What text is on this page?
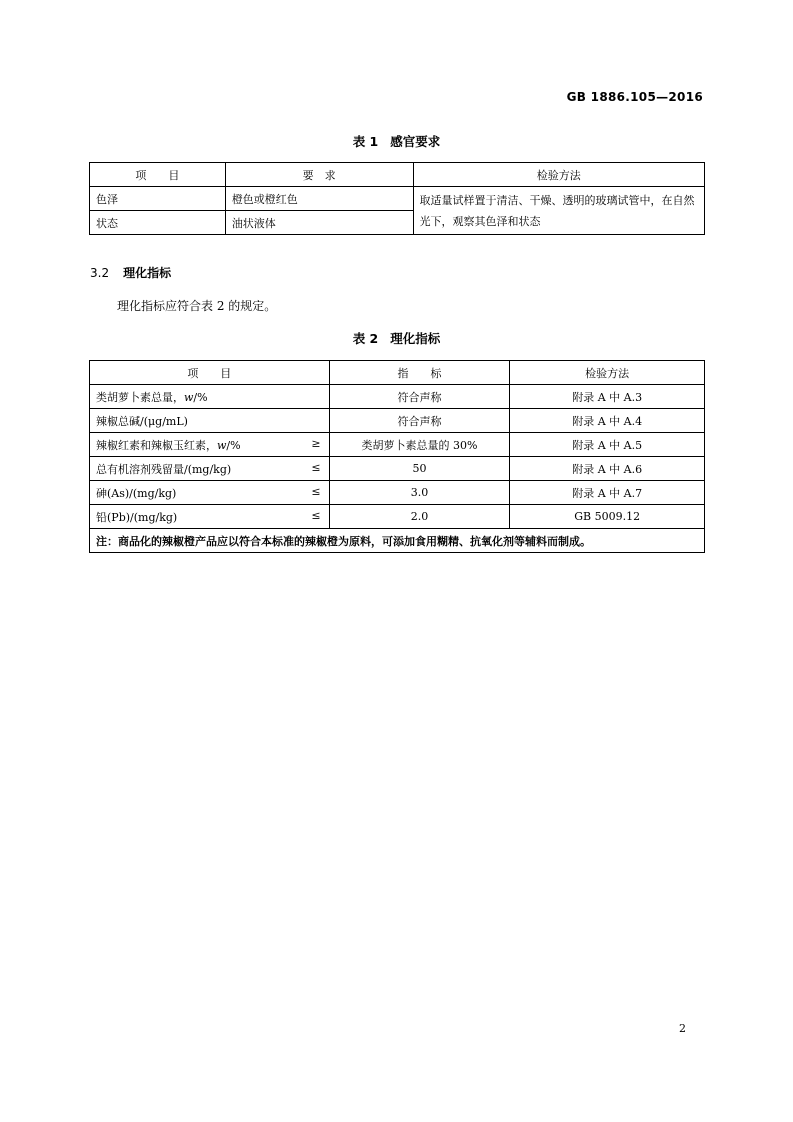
GB 1886.105—2016
表 1 感官要求
项　　目	要　求	检验方法
色泽	橙色或橙红色	取适量试样置于清洁、干燥、透明的玻璃试管中，在自然光下，观察其色泽和状态
状态	油状液体	
3.2 理化指标
理化指标应符合表 2 的规定。
表 2 理化指标
项　　目	指　　标	检验方法
类胡萝卜素总量，w/%	符合声称	附录 A 中 A.3
辣椒总碱/(μg/mL)	符合声称	附录 A 中 A.4
辣椒红素和辣椒玉红素，w/% ≥	类胡萝卜素总量的 30%	附录 A 中 A.5
总有机溶剂残留量/(mg/kg) ≤	50	附录 A 中 A.6
砷(As)/(mg/kg) ≤	3.0	附录 A 中 A.7
铅(Pb)/(mg/kg) ≤	2.0	GB 5009.12
注：商品化的辣椒橙产品应以符合本标准的辣椒橙为原料，可添加食用糊精、抗氧化剂等辅料而制成。		
2
